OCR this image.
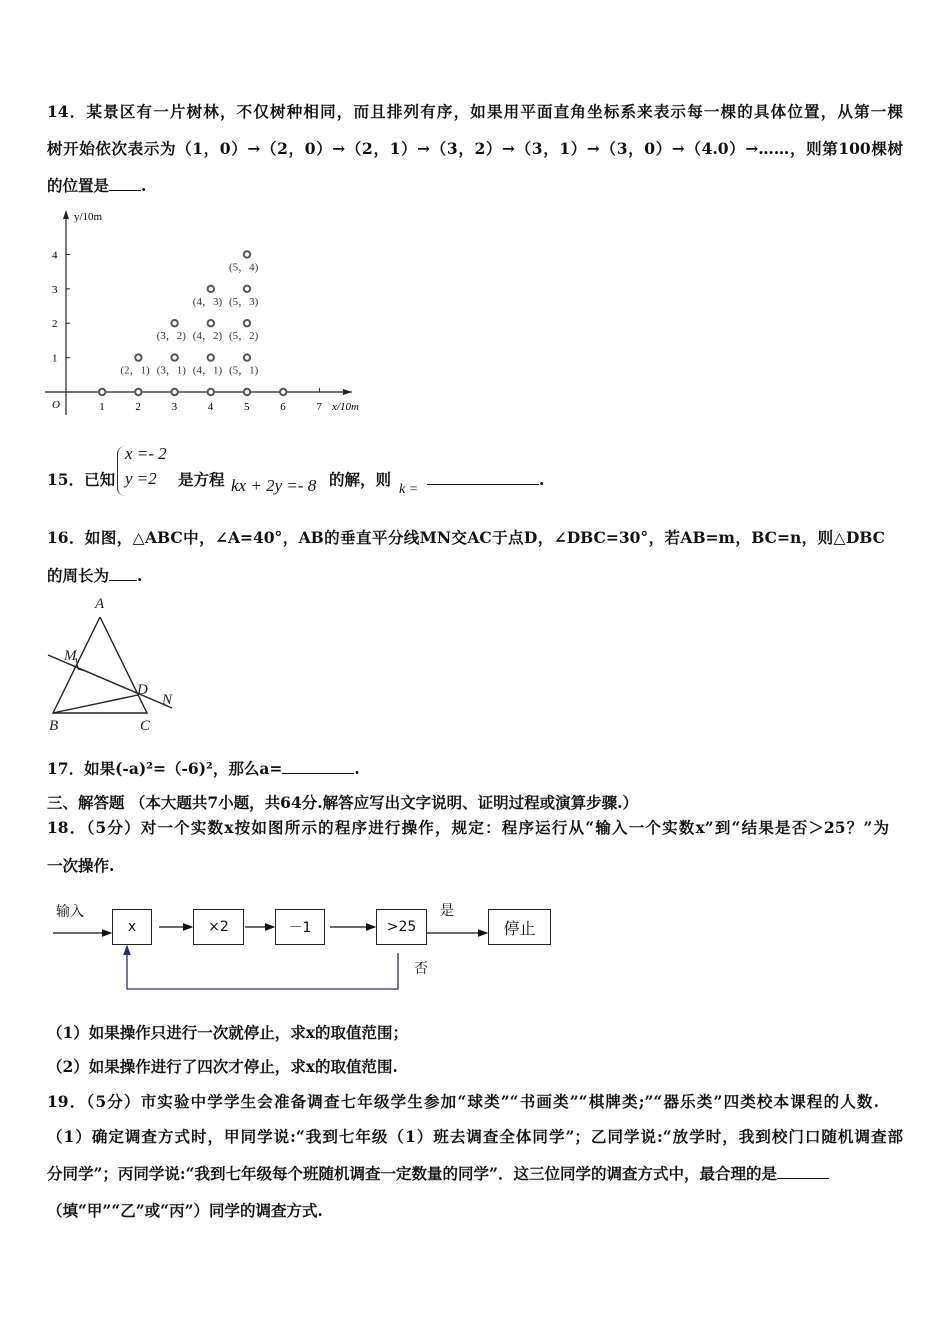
14．某景区有一片树林，不仅树种相同，而且排列有序，如果用平面直角坐标系来表示每一棵的具体位置，从第一棵
树开始依次表示为（1，0）→（2，0）→（2，1）→（3，2）→（3，1）→（3，0）→（4.0）→……，则第100棵树
的位置是 .
y/10m
x/10m
O	1	2	3	4	5	6	7
1
2
3
4
(2，1) (3，1) (4，1) (5，1)
(3，2) (4，2) (5，2)
(4，3) (5，3)
(5，4)
x =- 2
y =2
15．已知	是方程 kx + 2y =- 8 的解，则
k =
.
16．如图，△ABC中，∠A=40°，AB的垂直平分线MN交AC于点D，∠DBC=30°，若AB=m，BC=n，则△DBC
的周长为 .
A
B	C
D
M
N
17．如果(-a)²=（-6)²，那么a=	.
三、解答题 （本大题共7小题，共64分.解答应写出文字说明、证明过程或演算步骤.）
18．（5分）对一个实数x按如图所示的程序进行操作，规定：程序运行从“输入一个实数x”到“结果是否＞25？”为
一次操作.
x	×2	－1	>25	停止
输入	是
否
（1）如果操作只进行一次就停止，求x的取值范围；
（2）如果操作进行了四次才停止，求x的取值范围.
19．（5分）市实验中学学生会准备调查七年级学生参加“球类”“书画类”“棋牌类;”“器乐类”四类校本课程的人数.
（1）确定调查方式时，甲同学说:“我到七年级（1）班去调查全体同学”；乙同学说:“放学时，我到校门口随机调查部
分同学”；丙同学说:“我到七年级每个班随机调查一定数量的同学”．这三位同学的调查方式中，最合理的是
（填“甲”“乙”或“丙”）同学的调查方式.
